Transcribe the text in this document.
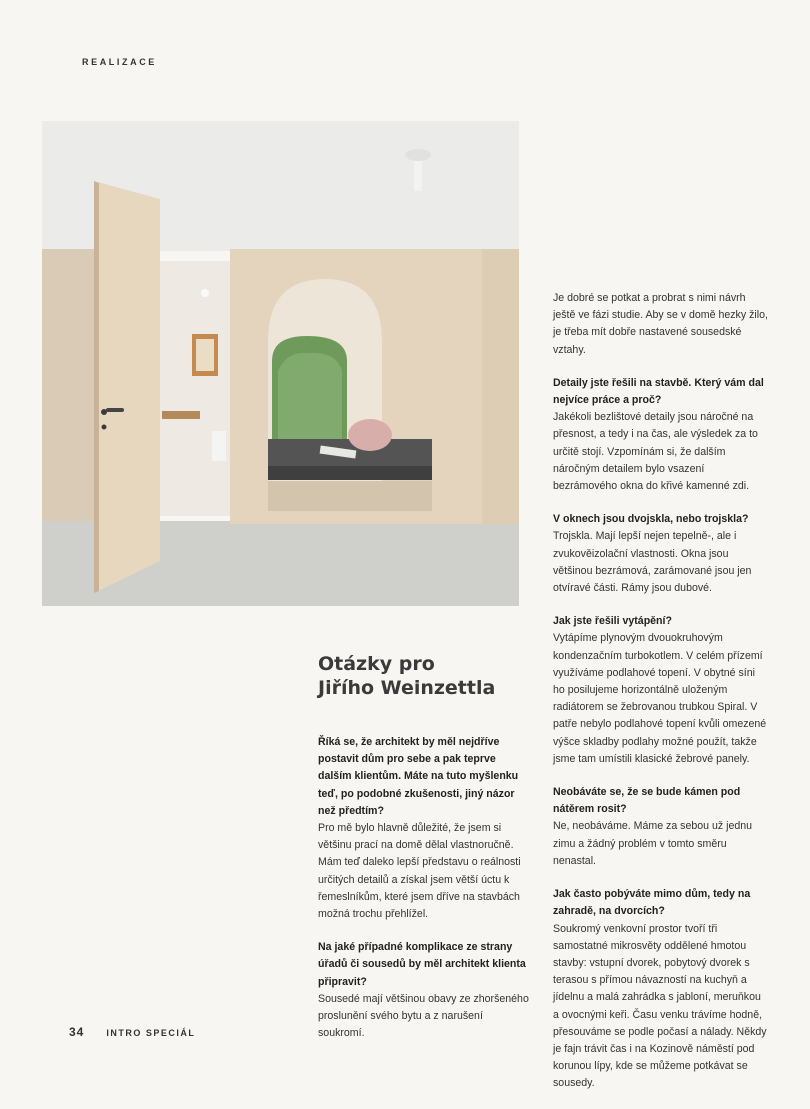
REALIZACE
Otázky pro
Jiřího Weinzettla

Říká se, že architekt by měl nejdříve postavit dům pro sebe a pak teprve dalším klientům. Máte na tuto myšlenku teď, po podobné zkušenosti, jiný názor než předtím?

Pro mě bylo hlavně důležité, že jsem si většinu prací na domě dělal vlastnoručně. Mám teď daleko lepší představu o reálnosti určitých detailů a získal jsem větší úctu k řemeslníkům, které jsem dříve na stavbách možná trochu přehlížel.

Na jaké případné komplikace ze strany úřadů či sousedů by měl architekt klienta připravit?

Sousedé mají většinou obavy ze zhoršeného proslunění svého bytu a z narušení soukromí.

Je dobré se potkat a probrat s nimi návrh ještě ve fázi studie. Aby se v domě hezky žilo, je třeba mít dobře nastavené sousedské vztahy.

Detaily jste řešili na stavbě. Který vám dal nejvíce práce a proč?

Jakékoli bezlištové detaily jsou náročné na přesnost, a tedy i na čas, ale výsledek za to určitě stojí. Vzpomínám si, že dalším náročným detailem bylo vsazení bezrámového okna do křivé kamenné zdi.

V oknech jsou dvojskla, nebo trojskla?

Trojskla. Mají lepší nejen tepelně-, ale i zvukověizolační vlastnosti. Okna jsou většinou bezrámová, zarámované jsou jen otvíravé části. Rámy jsou dubové.

Jak jste řešili vytápění?

Vytápíme plynovým dvouokruhovým kondenzačním turbokotlem. V celém přízemí využíváme podlahové topení. V obytné síni ho posilujeme horizontálně uloženým radiátorem se žebrovanou trubkou Spiral. V patře nebylo podlahové topení kvůli omezené výšce skladby podlahy možné použít, takže jsme tam umístili klasické žebrové panely.

Neobáváte se, že se bude kámen pod nátěrem rosit?

Ne, neobáváme. Máme za sebou už jednu zimu a žádný problém v tomto směru nenastal.

Jak často pobýváte mimo dům, tedy na zahradě, na dvorcích?

Soukromý venkovní prostor tvoří tři samostatné mikrosvěty oddělené hmotou stavby: vstupní dvorek, pobytový dvorek s terasou s přímou návazností na kuchyň a jídelnu a malá zahrádka s jabloní, meruňkou a ovocnými keři. Času venku trávíme hodně, přesouváme se podle počasí a nálady. Někdy je fajn trávit čas i na Kozinově náměstí pod korunou lípy, kde se můžeme potkávat se sousedy.

34 INTRO SPECIÁL
